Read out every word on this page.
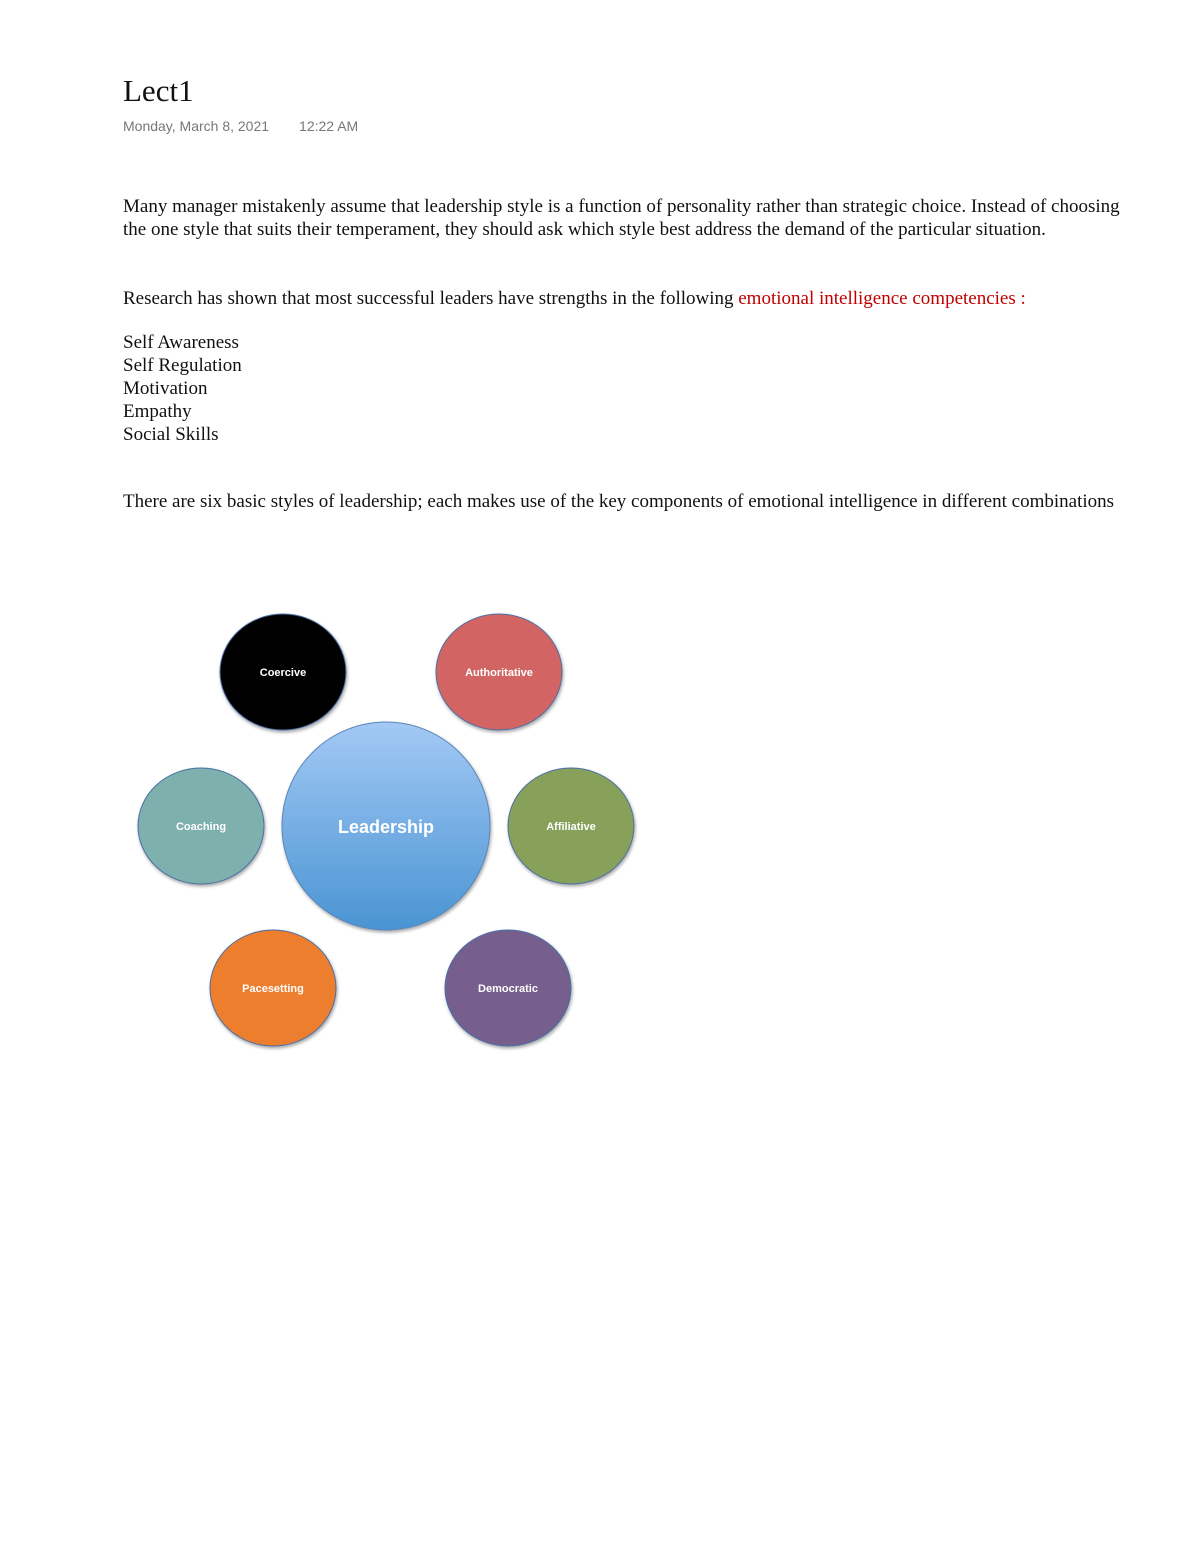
Lect1
Monday, March 8, 2021 12:22 AM

Many manager mistakenly assume that leadership style is a function of personality rather than strategic choice. Instead of choosing the one style that suits their temperament, they should ask which style best address the demand of the particular situation.

Research has shown that most successful leaders have strengths in the following emotional intelligence competencies :

Self Awareness
Self Regulation
Motivation
Empathy
Social Skills

There are six basic styles of leadership; each makes use of the key components of emotional intelligence in different combinations

Coercive	Authoritative
Coaching	Affiliative
Pacesetting	Democratic
Leadership
